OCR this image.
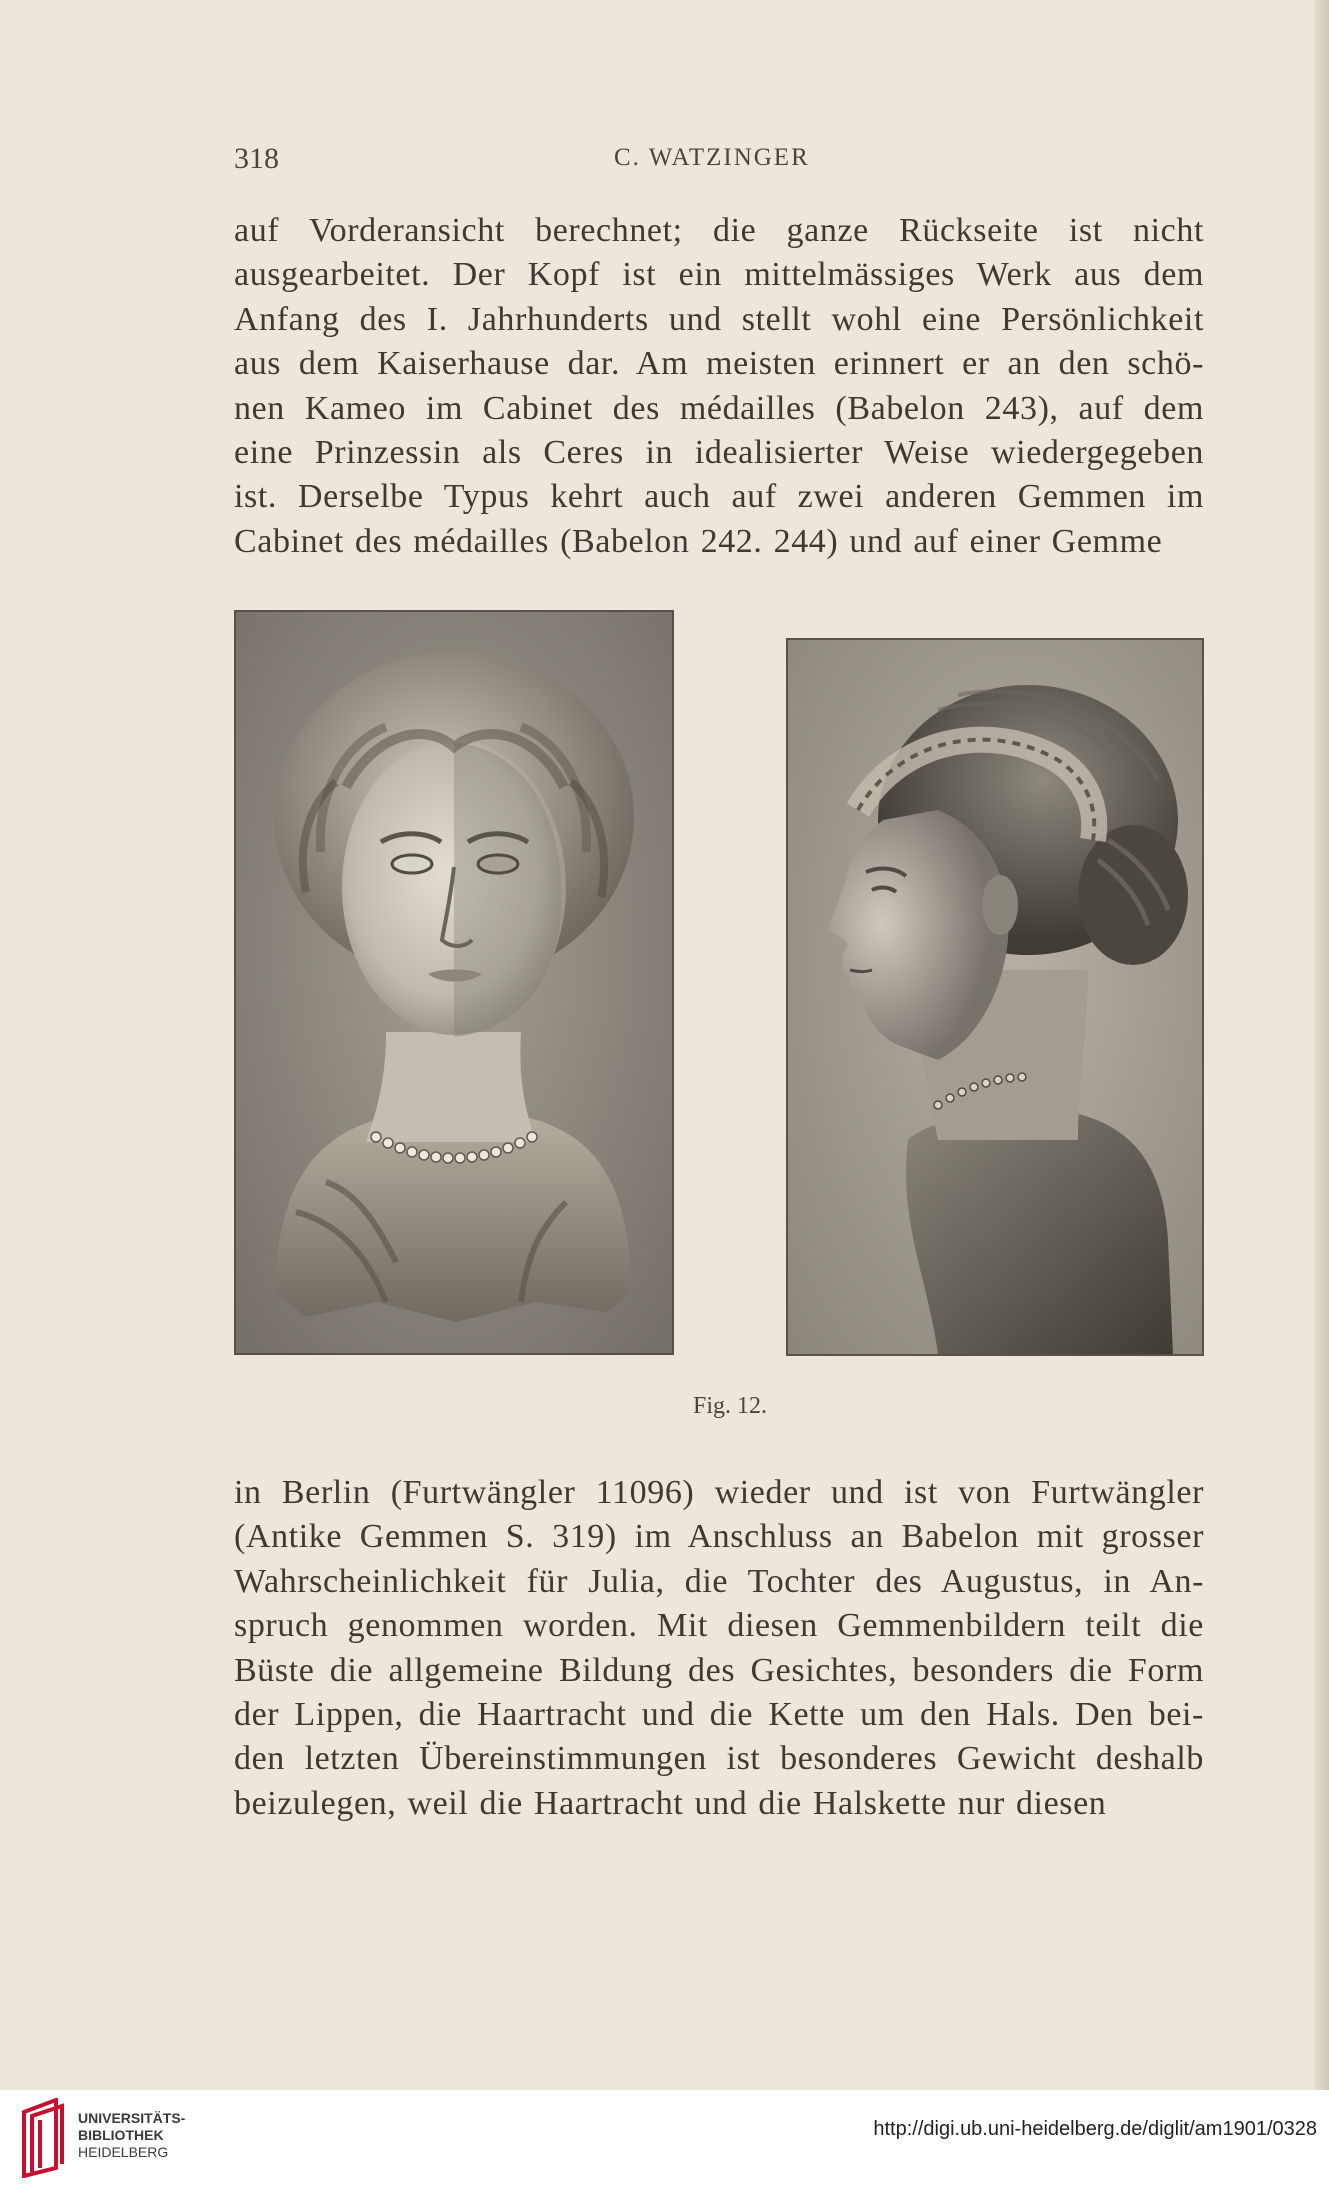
318	C. WATZINGER
auf Vorderansicht berechnet; die ganze Rückseite ist nicht
ausgearbeitet. Der Kopf ist ein mittelmässiges Werk aus dem
Anfang des I. Jahrhunderts und stellt wohl eine Persönlichkeit
aus dem Kaiserhause dar. Am meisten erinnert er an den schö-
nen Kameo im Cabinet des médailles (Babelon 243), auf dem
eine Prinzessin als Ceres in idealisierter Weise wiedergegeben
ist. Derselbe Typus kehrt auch auf zwei anderen Gemmen im
Cabinet des médailles (Babelon 242. 244) und auf einer Gemme
Fig. 12.
in Berlin (Furtwängler 11096) wieder und ist von Furtwängler
(Antike Gemmen S. 319) im Anschluss an Babelon mit grosser
Wahrscheinlichkeit für Julia, die Tochter des Augustus, in An-
spruch genommen worden. Mit diesen Gemmenbildern teilt die
Büste die allgemeine Bildung des Gesichtes, besonders die Form
der Lippen, die Haartracht und die Kette um den Hals. Den bei-
den letzten Übereinstimmungen ist besonderes Gewicht deshalb
beizulegen, weil die Haartracht und die Halskette nur diesen
UNIVERSITÄTS-
BIBLIOTHEK
HEIDELBERG
http://digi.ub.uni-heidelberg.de/diglit/am1901/0328
